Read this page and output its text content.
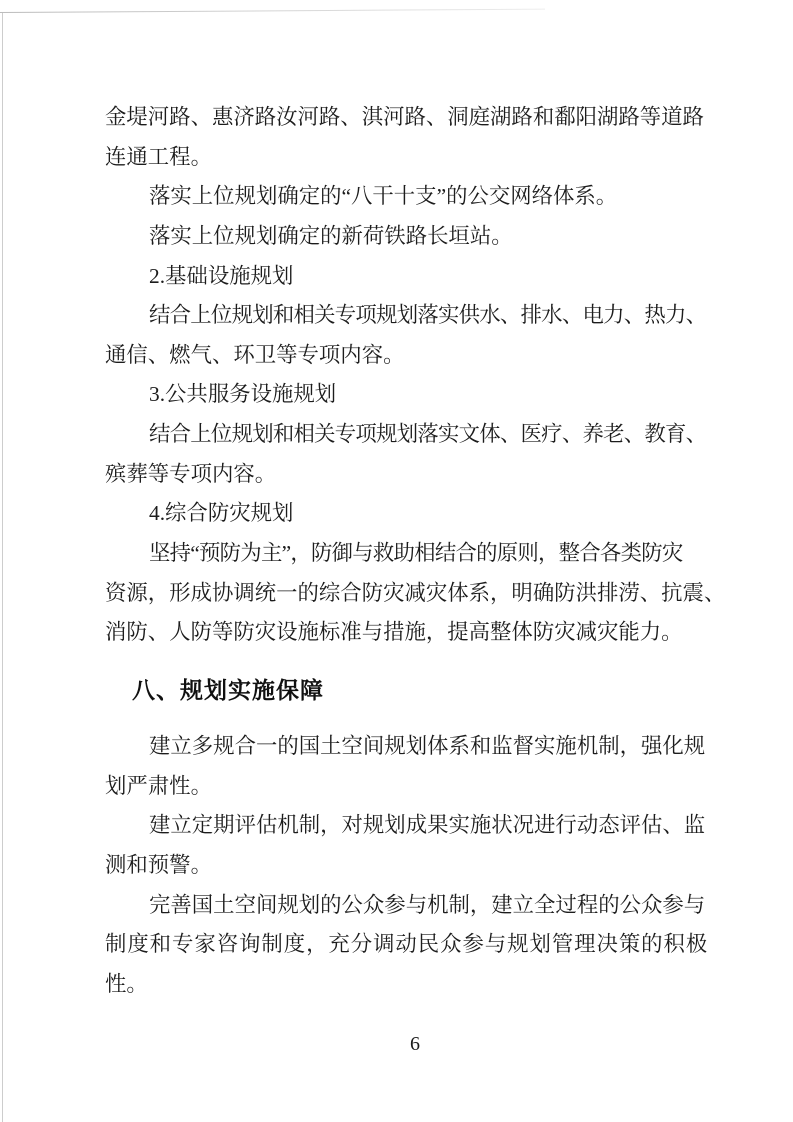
金堤河路、惠济路汝河路、淇河路、洞庭湖路和鄱阳湖路等道路
连通工程。
落实上位规划确定的“八干十支”的公交网络体系。
落实上位规划确定的新荷铁路长垣站。
2.基础设施规划
结合上位规划和相关专项规划落实供水、排水、电力、热力、
通信、燃气、环卫等专项内容。
3.公共服务设施规划
结合上位规划和相关专项规划落实文体、医疗、养老、教育、
殡葬等专项内容。
4.综合防灾规划
坚持“预防为主”，防御与救助相结合的原则，整合各类防灾
资源，形成协调统一的综合防灾减灾体系，明确防洪排涝、抗震、
消防、人防等防灾设施标准与措施，提高整体防灾减灾能力。
八、规划实施保障
建立多规合一的国土空间规划体系和监督实施机制，强化规
划严肃性。
建立定期评估机制，对规划成果实施状况进行动态评估、监
测和预警。
完善国土空间规划的公众参与机制，建立全过程的公众参与
制度和专家咨询制度，充分调动民众参与规划管理决策的积极
性。
6
